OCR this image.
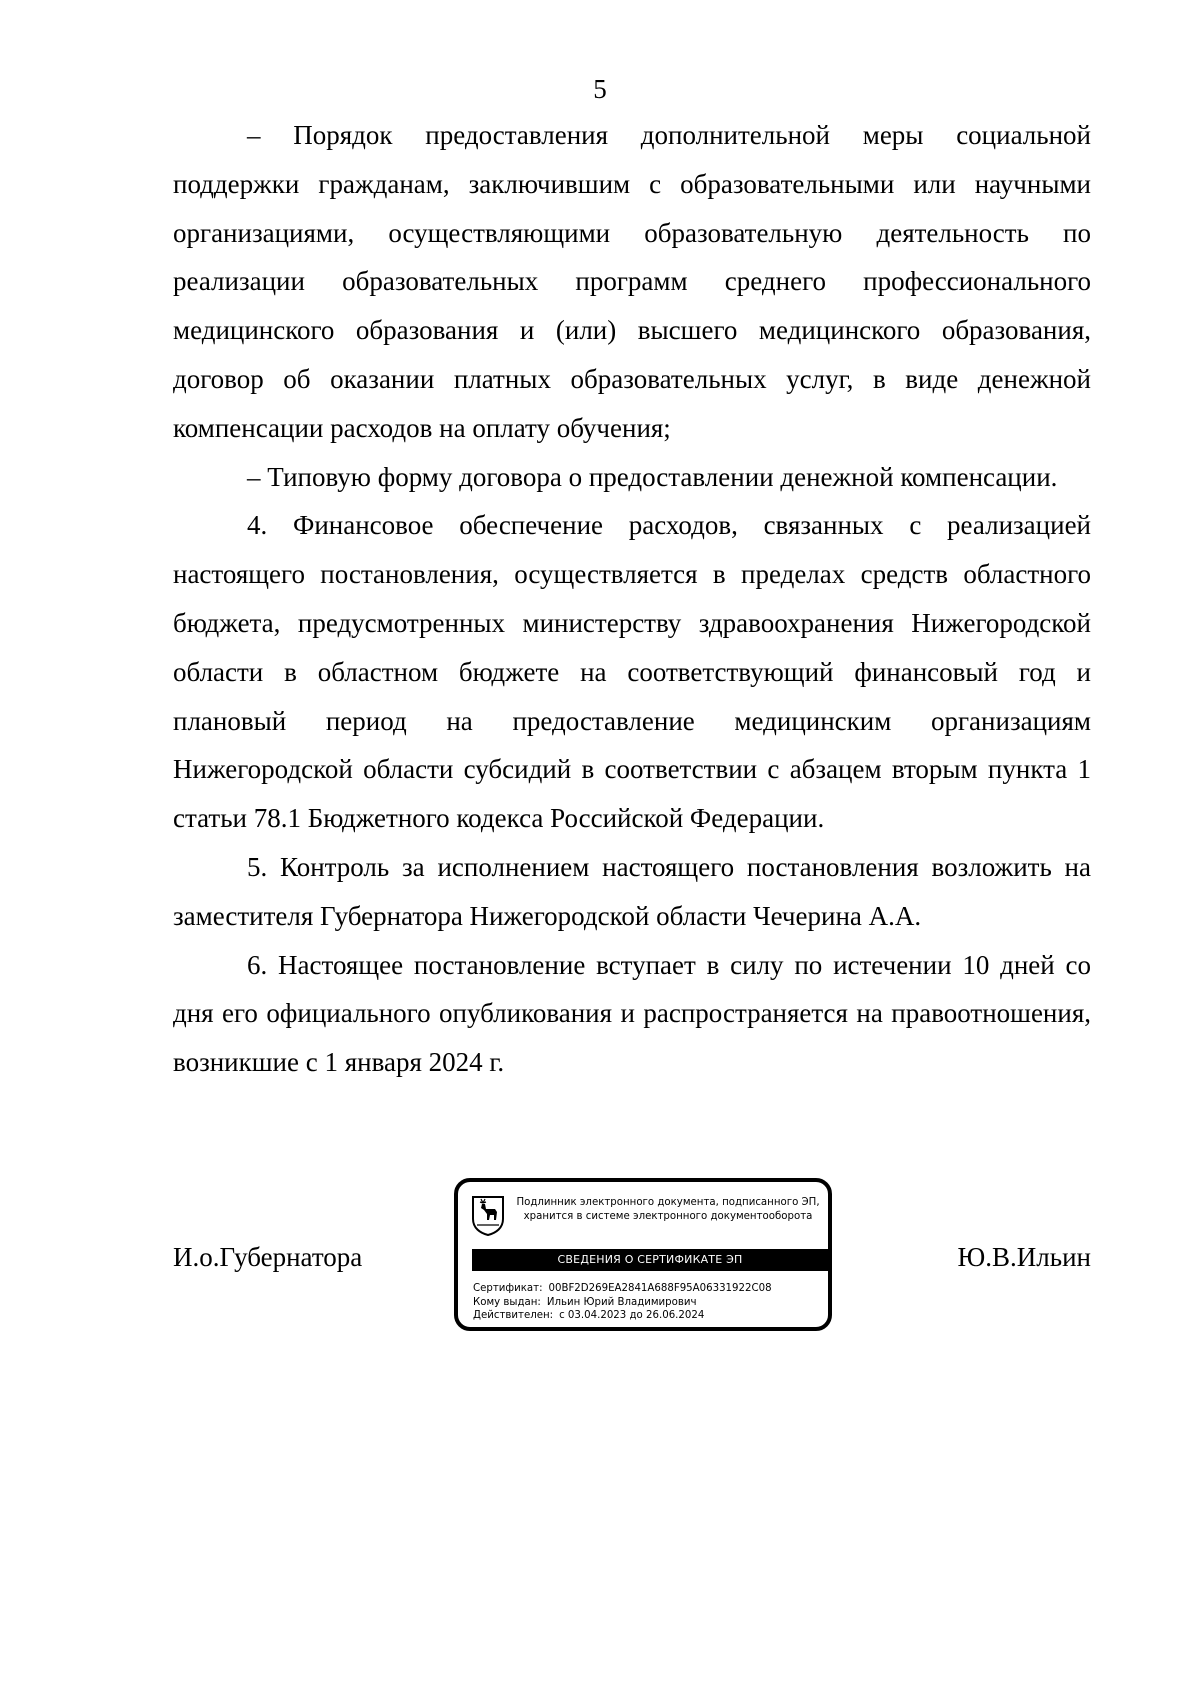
5

– Порядок предоставления дополнительной меры социальной поддержки гражданам, заключившим с образовательными или научными организациями, осуществляющими образовательную деятельность по реализации образовательных программ среднего профессионального медицинского образования и (или) высшего медицинского образования, договор об оказании платных образовательных услуг, в виде денежной компенсации расходов на оплату обучения;

– Типовую форму договора о предоставлении денежной компенсации.

4. Финансовое обеспечение расходов, связанных с реализацией настоящего постановления, осуществляется в пределах средств областного бюджета, предусмотренных министерству здравоохранения Нижегородской области в областном бюджете на соответствующий финансовый год и плановый период на предоставление медицинским организациям Нижегородской области субсидий в соответствии с абзацем вторым пункта 1 статьи 78.1 Бюджетного кодекса Российской Федерации.

5. Контроль за исполнением настоящего постановления возложить на заместителя Губернатора Нижегородской области Чечерина А.А.

6. Настоящее постановление вступает в силу по истечении 10 дней со дня его официального опубликования и распространяется на правоотношения, возникшие с 1 января 2024 г.

И.о.Губернатора	Ю.В.Ильин
Подлинник электронного документа, подписанного ЭП,
хранится в системе электронного документооборота
СВЕДЕНИЯ О СЕРТИФИКАТЕ ЭП
Сертификат: 00BF2D269EA2841A688F95A06331922C08
Кому выдан: Ильин Юрий Владимирович
Действителен: с 03.04.2023 до 26.06.2024
